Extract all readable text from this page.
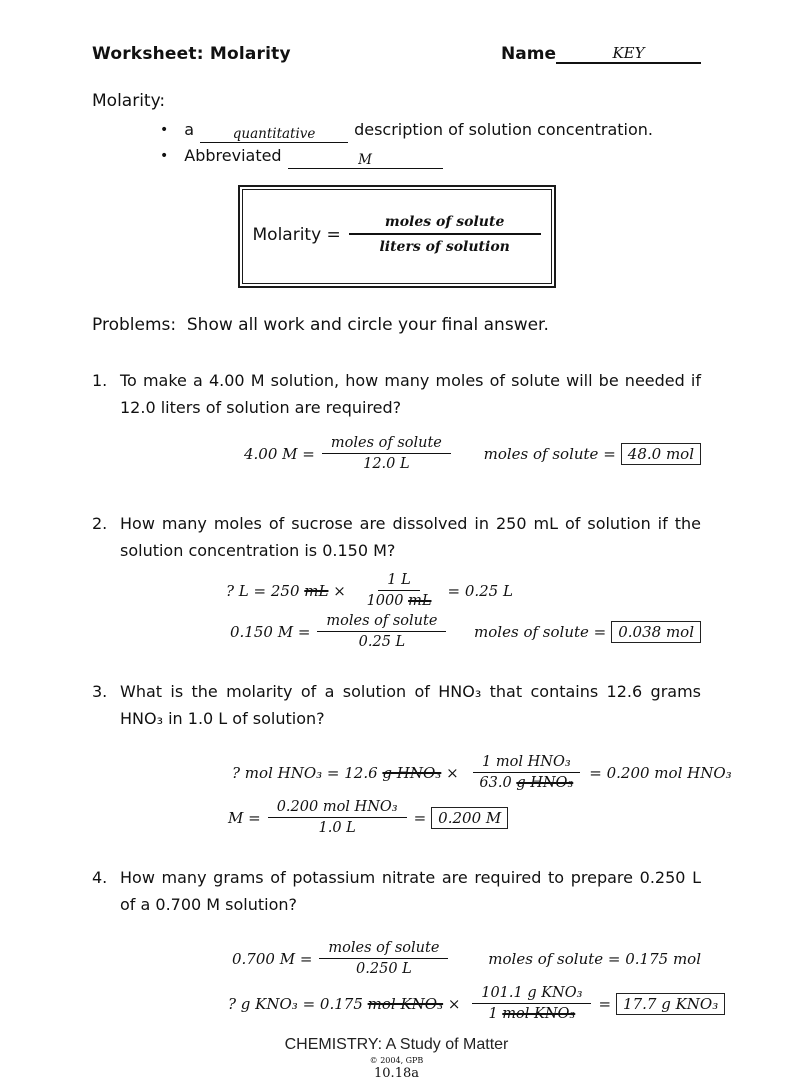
Worksheet: Molarity	Name	KEY
Molarity:
• a	quantitative	description of solution concentration.
• Abbreviated	M
Molarity = $\frac{\text{moles of solute}}{\text{liters of solution}}$
Problems:  Show all work and circle your final answer.
1. To make a 4.00 M solution, how many moles of solute will be needed if 12.0 liters of solution are required?
4.00 $M = \frac{\text{moles of solute}}{12.0 L}$ moles of solute = 48.0 mol
2. How many moles of sucrose are dissolved in 250 mL of solution if the solution concentration is 0.150 M?
? L = 250 mL × $\frac{1 L}{1000 mL} = 0.25$ L
0.150 $M = \frac{\text{moles of solute}}{0.25 L}$ moles of solute = 0.038 mol
3. What is the molarity of a solution of HNO₃ that contains 12.6 grams HNO₃ in 1.0 L of solution?
? mol HNO₃ = 12.6 g $HNO_3 \times \frac{\text{1 mol HNO₃}}{\text{63.0 g HNO₃}} = 0.200$ mol HNO₃
$M = \frac{\text{0.200 mol HNO₃}}{1.0 L} = 0.200$ M
4. How many grams of potassium nitrate are required to prepare 0.250 L of a 0.700 M solution?
0.700 $M = \frac{\text{moles of solute}}{0.250 L}$	moles of solute = 0.175 mol
? g KNO₃ = 0.175 mol $KNO_3 \times \frac{\text{101.1 g KNO₃}}{\text{1 mol KNO₃}} = 17.7$ g KNO₃
CHEMISTRY: A Study of Matter
© 2004, GPB
10.18a
